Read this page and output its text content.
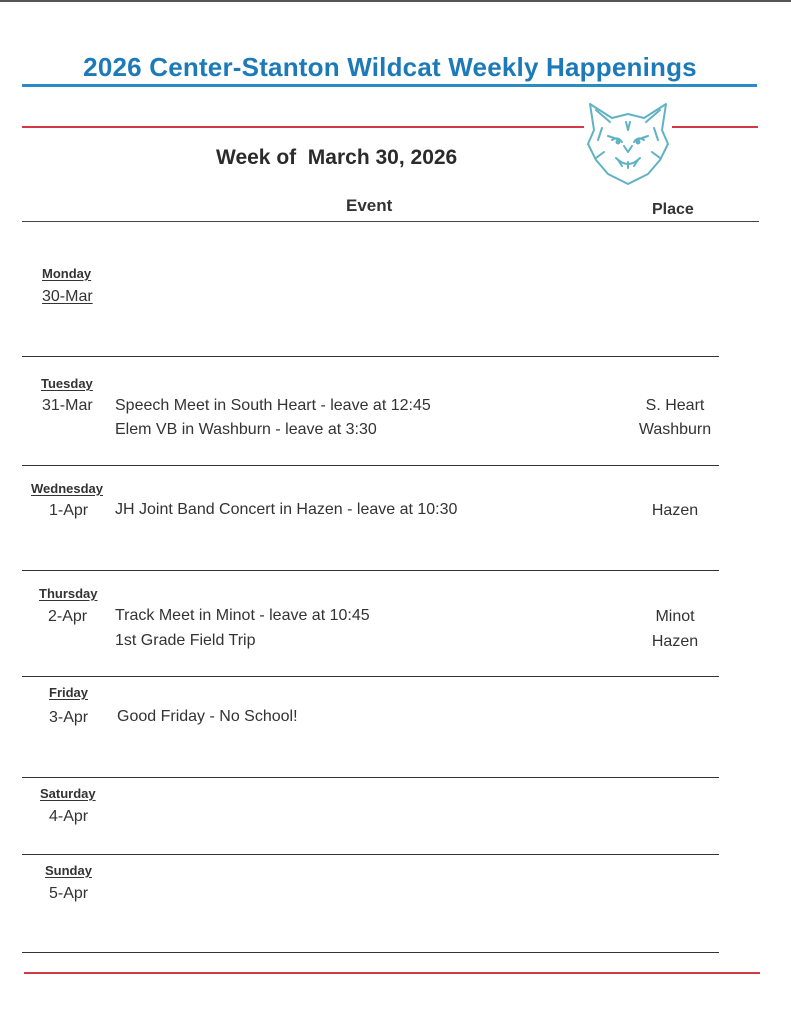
2026 Center-Stanton Wildcat Weekly Happenings
Week of  March 30, 2026
Event	Place
Monday
30-Mar
Tuesday
31-Mar Speech Meet in South Heart - leave at 12:45	S. Heart
Elem VB in Washburn - leave at 3:30	Washburn
Wednesday
1-Apr JH Joint Band Concert in Hazen - leave at 10:30	Hazen
Thursday
2-Apr Track Meet in Minot - leave at 10:45	Minot
1st Grade Field Trip	Hazen
Friday
3-Apr Good Friday - No School!
Saturday
4-Apr
Sunday
5-Apr
